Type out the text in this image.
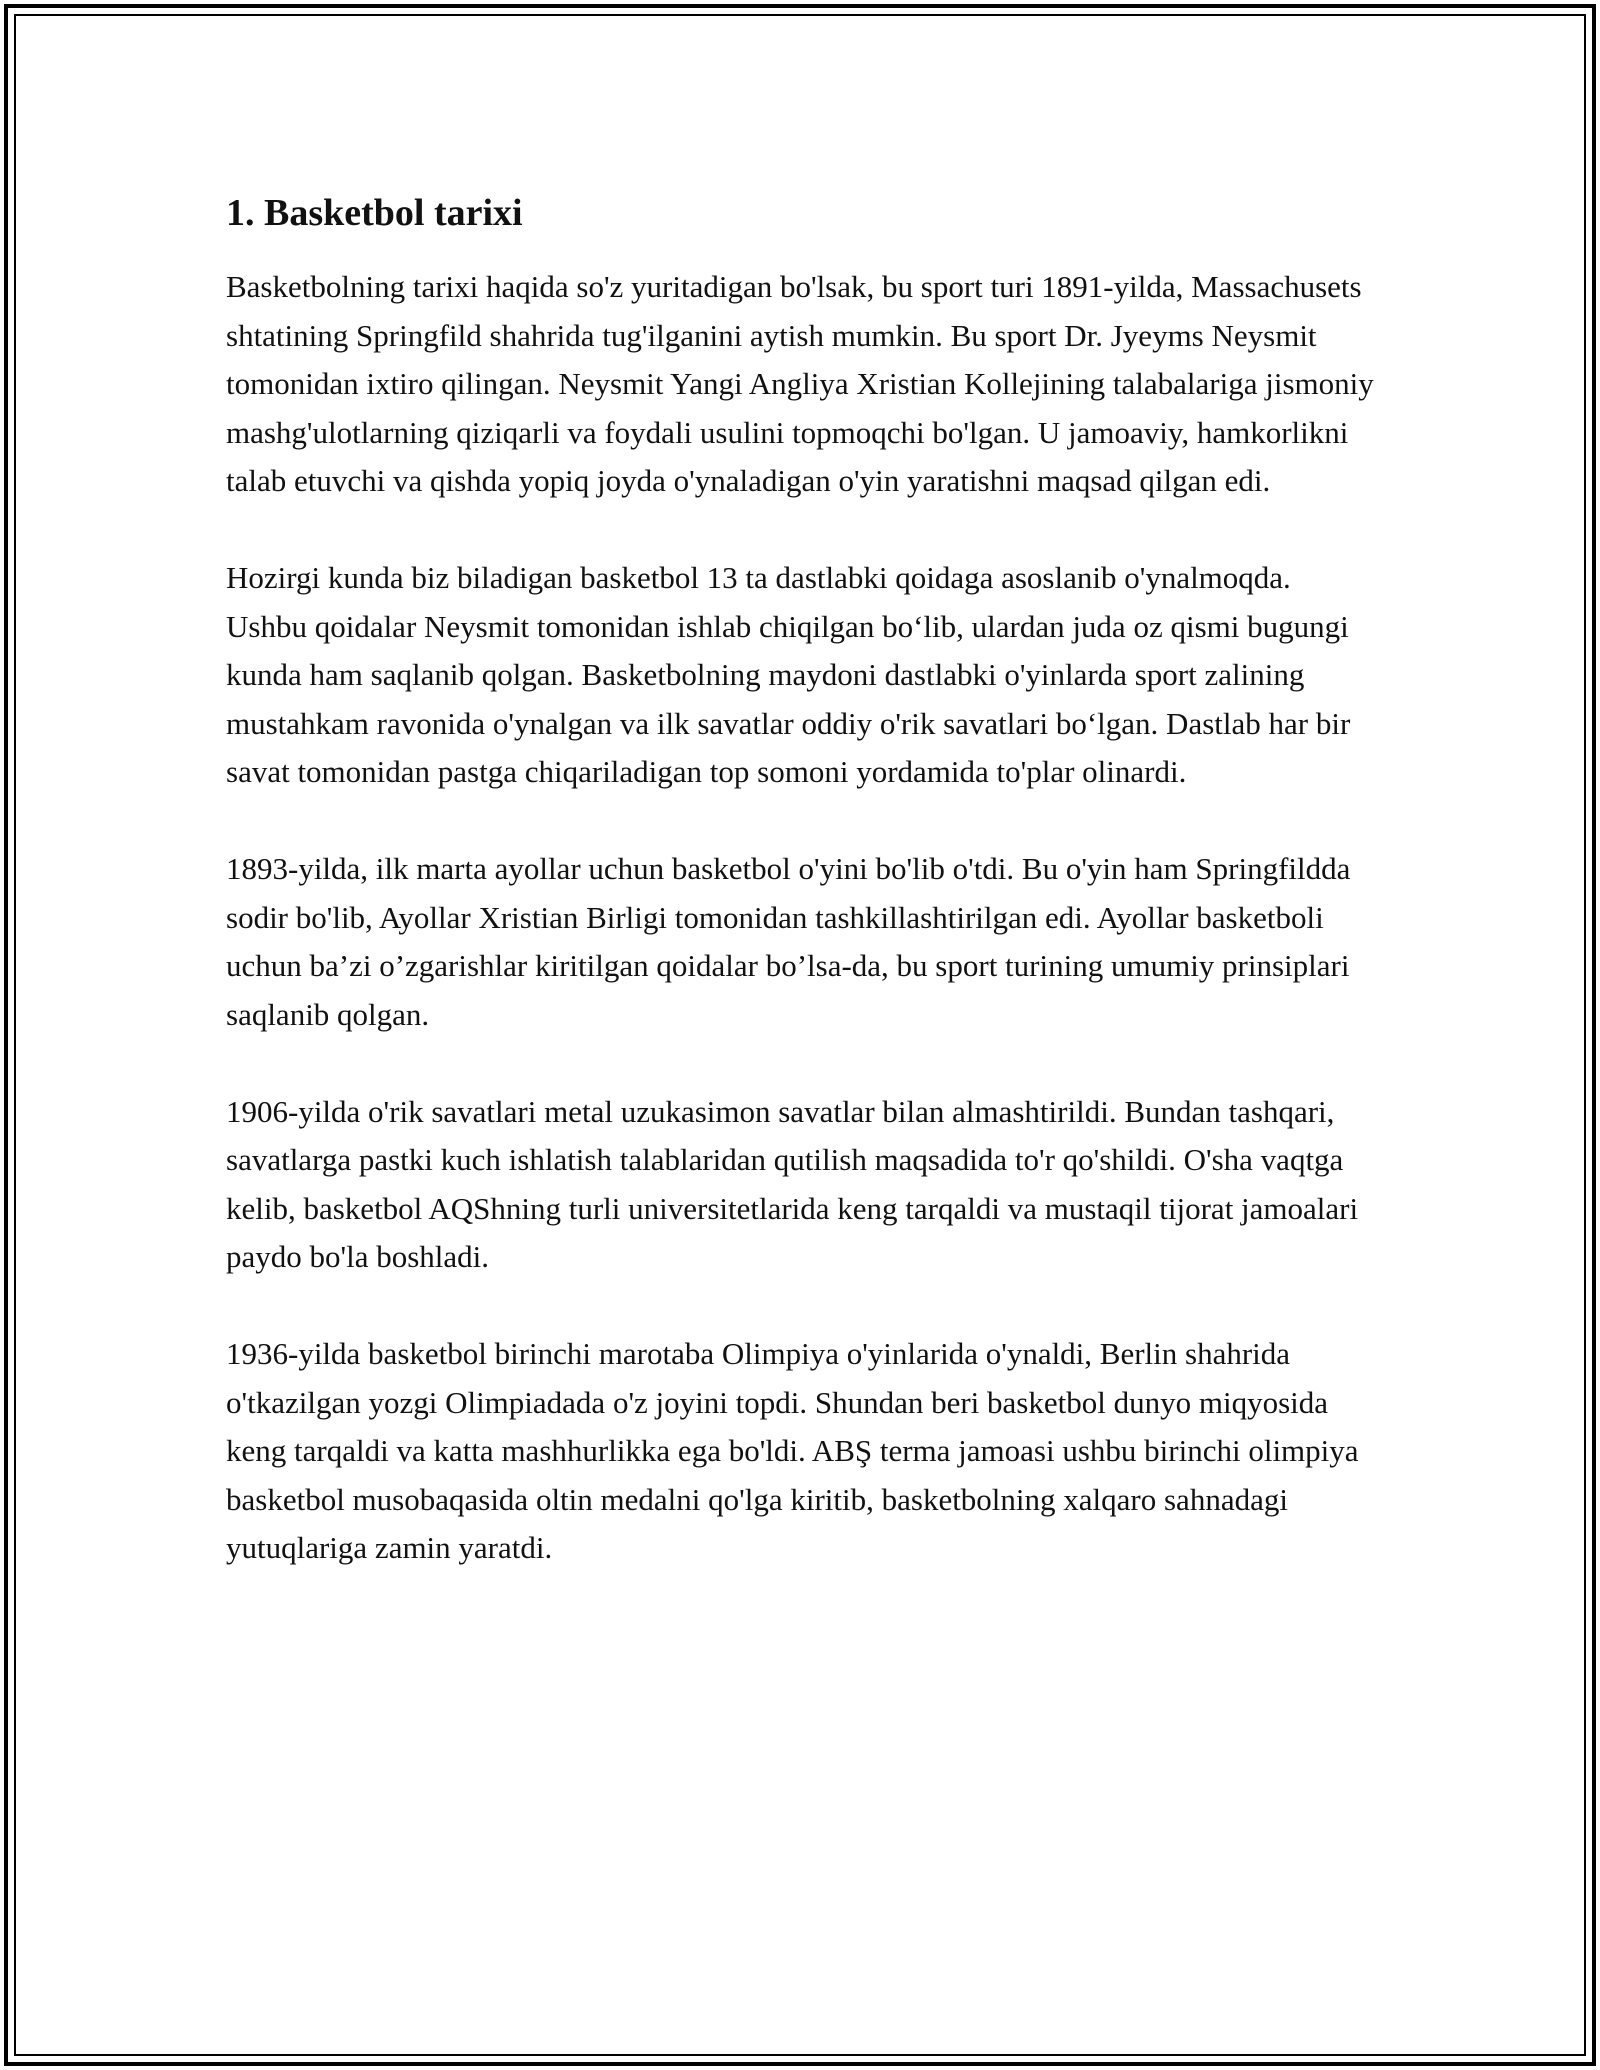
1. Basketbol tarixi

Basketbolning tarixi haqida so'z yuritadigan bo'lsak, bu sport turi 1891-yilda, Massachusets shtatining Springfild shahrida tug'ilganini aytish mumkin. Bu sport Dr. Jyeyms Neysmit tomonidan ixtiro qilingan. Neysmit Yangi Angliya Xristian Kollejining talabalariga jismoniy mashg'ulotlarning qiziqarli va foydali usulini topmoqchi bo'lgan. U jamoaviy, hamkorlikni talab etuvchi va qishda yopiq joyda o'ynaladigan o'yin yaratishni maqsad qilgan edi.

Hozirgi kunda biz biladigan basketbol 13 ta dastlabki qoidaga asoslanib o'ynalmoqda. Ushbu qoidalar Neysmit tomonidan ishlab chiqilgan bo‘lib, ulardan juda oz qismi bugungi kunda ham saqlanib qolgan. Basketbolning maydoni dastlabki o'yinlarda sport zalining mustahkam ravonida o'ynalgan va ilk savatlar oddiy o'rik savatlari bo‘lgan. Dastlab har bir savat tomonidan pastga chiqariladigan top somoni yordamida to'plar olinardi.

1893-yilda, ilk marta ayollar uchun basketbol o'yini bo'lib o'tdi. Bu o'yin ham Springfildda sodir bo'lib, Ayollar Xristian Birligi tomonidan tashkillashtirilgan edi. Ayollar basketboli uchun ba’zi o’zgarishlar kiritilgan qoidalar bo’lsa-da, bu sport turining umumiy prinsiplari saqlanib qolgan.

1906-yilda o'rik savatlari metal uzukasimon savatlar bilan almashtirildi. Bundan tashqari, savatlarga pastki kuch ishlatish talablaridan qutilish maqsadida to'r qo'shildi. O'sha vaqtga kelib, basketbol AQShning turli universitetlarida keng tarqaldi va mustaqil tijorat jamoalari paydo bo'la boshladi.

1936-yilda basketbol birinchi marotaba Olimpiya o'yinlarida o'ynaldi, Berlin shahrida o'tkazilgan yozgi Olimpiadada o'z joyini topdi. Shundan beri basketbol dunyo miqyosida keng tarqaldi va katta mashhurlikka ega bo'ldi. ABŞ terma jamoasi ushbu birinchi olimpiya basketbol musobaqasida oltin medalni qo'lga kiritib, basketbolning xalqaro sahnadagi yutuqlariga zamin yaratdi.
